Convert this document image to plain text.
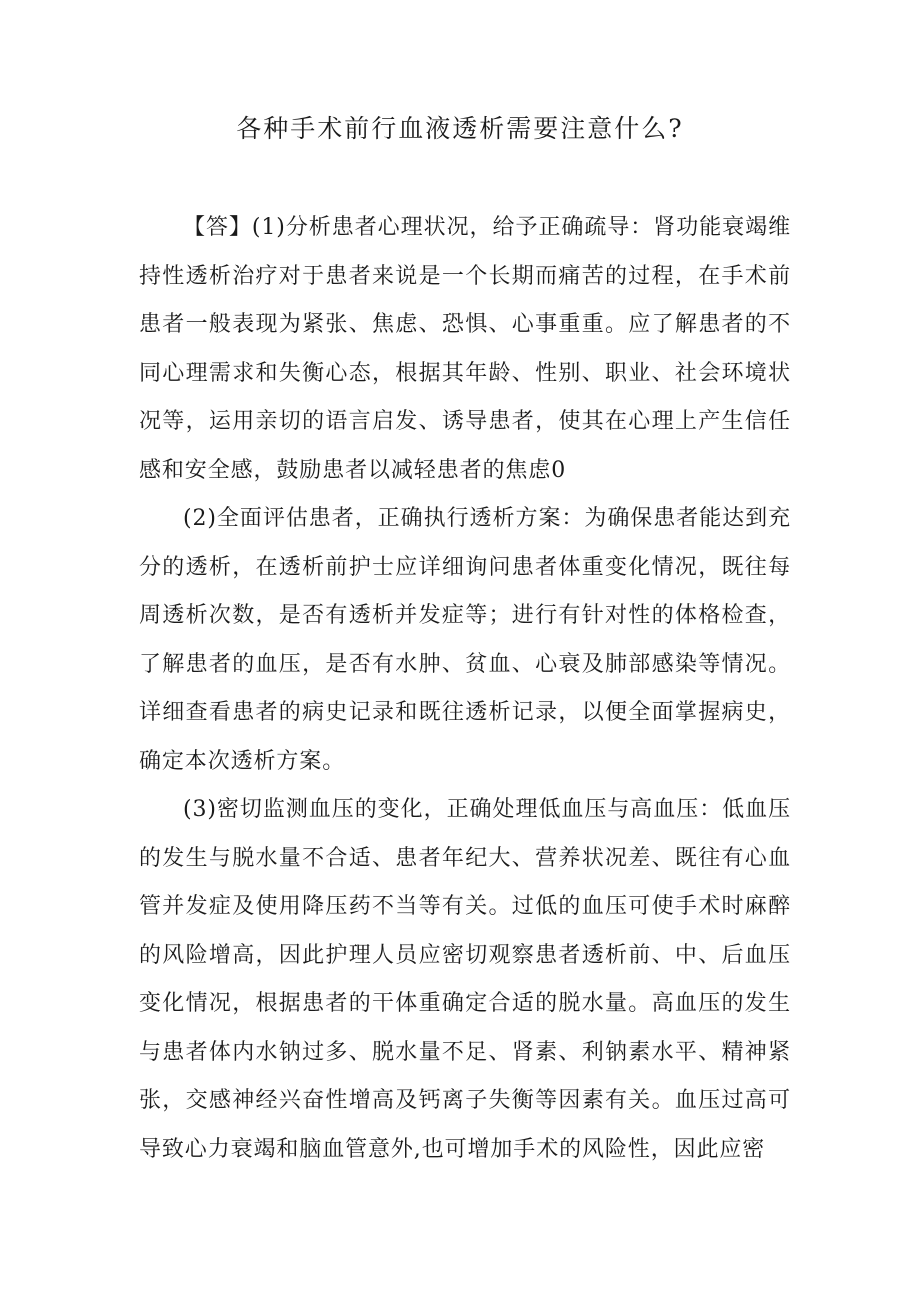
各种手术前行血液透析需要注意什么?

【答】(1)分析患者心理状况，给予正确疏导：肾功能衰竭维持性透析治疗对于患者来说是一个长期而痛苦的过程，在手术前患者一般表现为紧张、焦虑、恐惧、心事重重。应了解患者的不同心理需求和失衡心态，根据其年龄、性别、职业、社会环境状况等，运用亲切的语言启发、诱导患者，使其在心理上产生信任感和安全感，鼓励患者以减轻患者的焦虑0

(2)全面评估患者，正确执行透析方案：为确保患者能达到充分的透析，在透析前护士应详细询问患者体重变化情况，既往每周透析次数，是否有透析并发症等；进行有针对性的体格检查，了解患者的血压，是否有水肿、贫血、心衰及肺部感染等情况。详细查看患者的病史记录和既往透析记录，以便全面掌握病史，确定本次透析方案。

(3)密切监测血压的变化，正确处理低血压与高血压：低血压的发生与脱水量不合适、患者年纪大、营养状况差、既往有心血管并发症及使用降压药不当等有关。过低的血压可使手术时麻醉的风险增高，因此护理人员应密切观察患者透析前、中、后血压变化情况，根据患者的干体重确定合适的脱水量。高血压的发生与患者体内水钠过多、脱水量不足、肾素、利钠素水平、精神紧张，交感神经兴奋性增高及钙离子失衡等因素有关。血压过高可导致心力衰竭和脑血管意外,也可增加手术的风险性，因此应密
